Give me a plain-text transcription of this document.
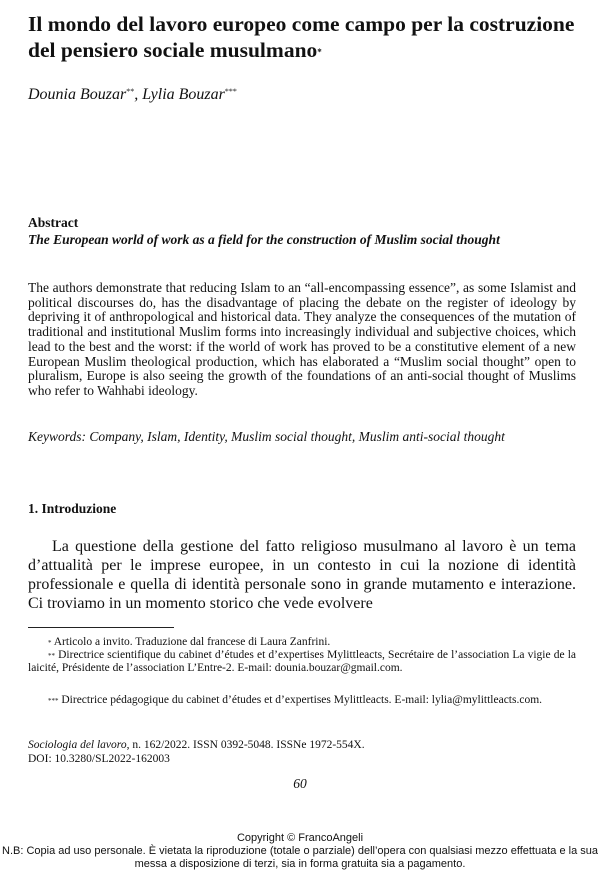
Il mondo del lavoro europeo come campo per la costruzione del pensiero sociale musulmano*
Dounia Bouzar**, Lylia Bouzar***
Abstract
The European world of work as a field for the construction of Muslim social thought
The authors demonstrate that reducing Islam to an “all-encompassing essence”, as some Islamist and political discourses do, has the disadvantage of placing the debate on the register of ideology by depriving it of anthropological and historical data. They analyze the consequences of the mutation of traditional and institutional Muslim forms into increasingly individual and subjective choices, which lead to the best and the worst: if the world of work has proved to be a constitutive element of a new European Muslim theological production, which has elaborated a “Muslim social thought” open to pluralism, Europe is also seeing the growth of the foundations of an anti-social thought of Muslims who refer to Wahhabi ideology.
Keywords: Company, Islam, Identity, Muslim social thought, Muslim anti-social thought
1. Introduzione
La questione della gestione del fatto religioso musulmano al lavoro è un tema d’attualità per le imprese europee, in un contesto in cui la nozione di identità professionale e quella di identità personale sono in grande mutamento e interazione. Ci troviamo in un momento storico che vede evolvere
* Articolo a invito. Traduzione dal francese di Laura Zanfrini.
** Directrice scientifique du cabinet d’études et d’expertises Mylittleacts, Secrétaire de l’association La vigie de la laicité, Présidente de l’association L’Entre-2. E-mail: dounia.bouzar@gmail.com.
*** Directrice pédagogique du cabinet d’études et d’expertises Mylittleacts. E-mail: lylia@mylittleacts.com.
Sociologia del lavoro, n. 162/2022. ISSN 0392-5048. ISSNe 1972-554X.
DOI: 10.3280/SL2022-162003
60
Copyright © FrancoAngeli
N.B: Copia ad uso personale. È vietata la riproduzione (totale o parziale) dell’opera con qualsiasi mezzo effettuata e la sua messa a disposizione di terzi, sia in forma gratuita sia a pagamento.
